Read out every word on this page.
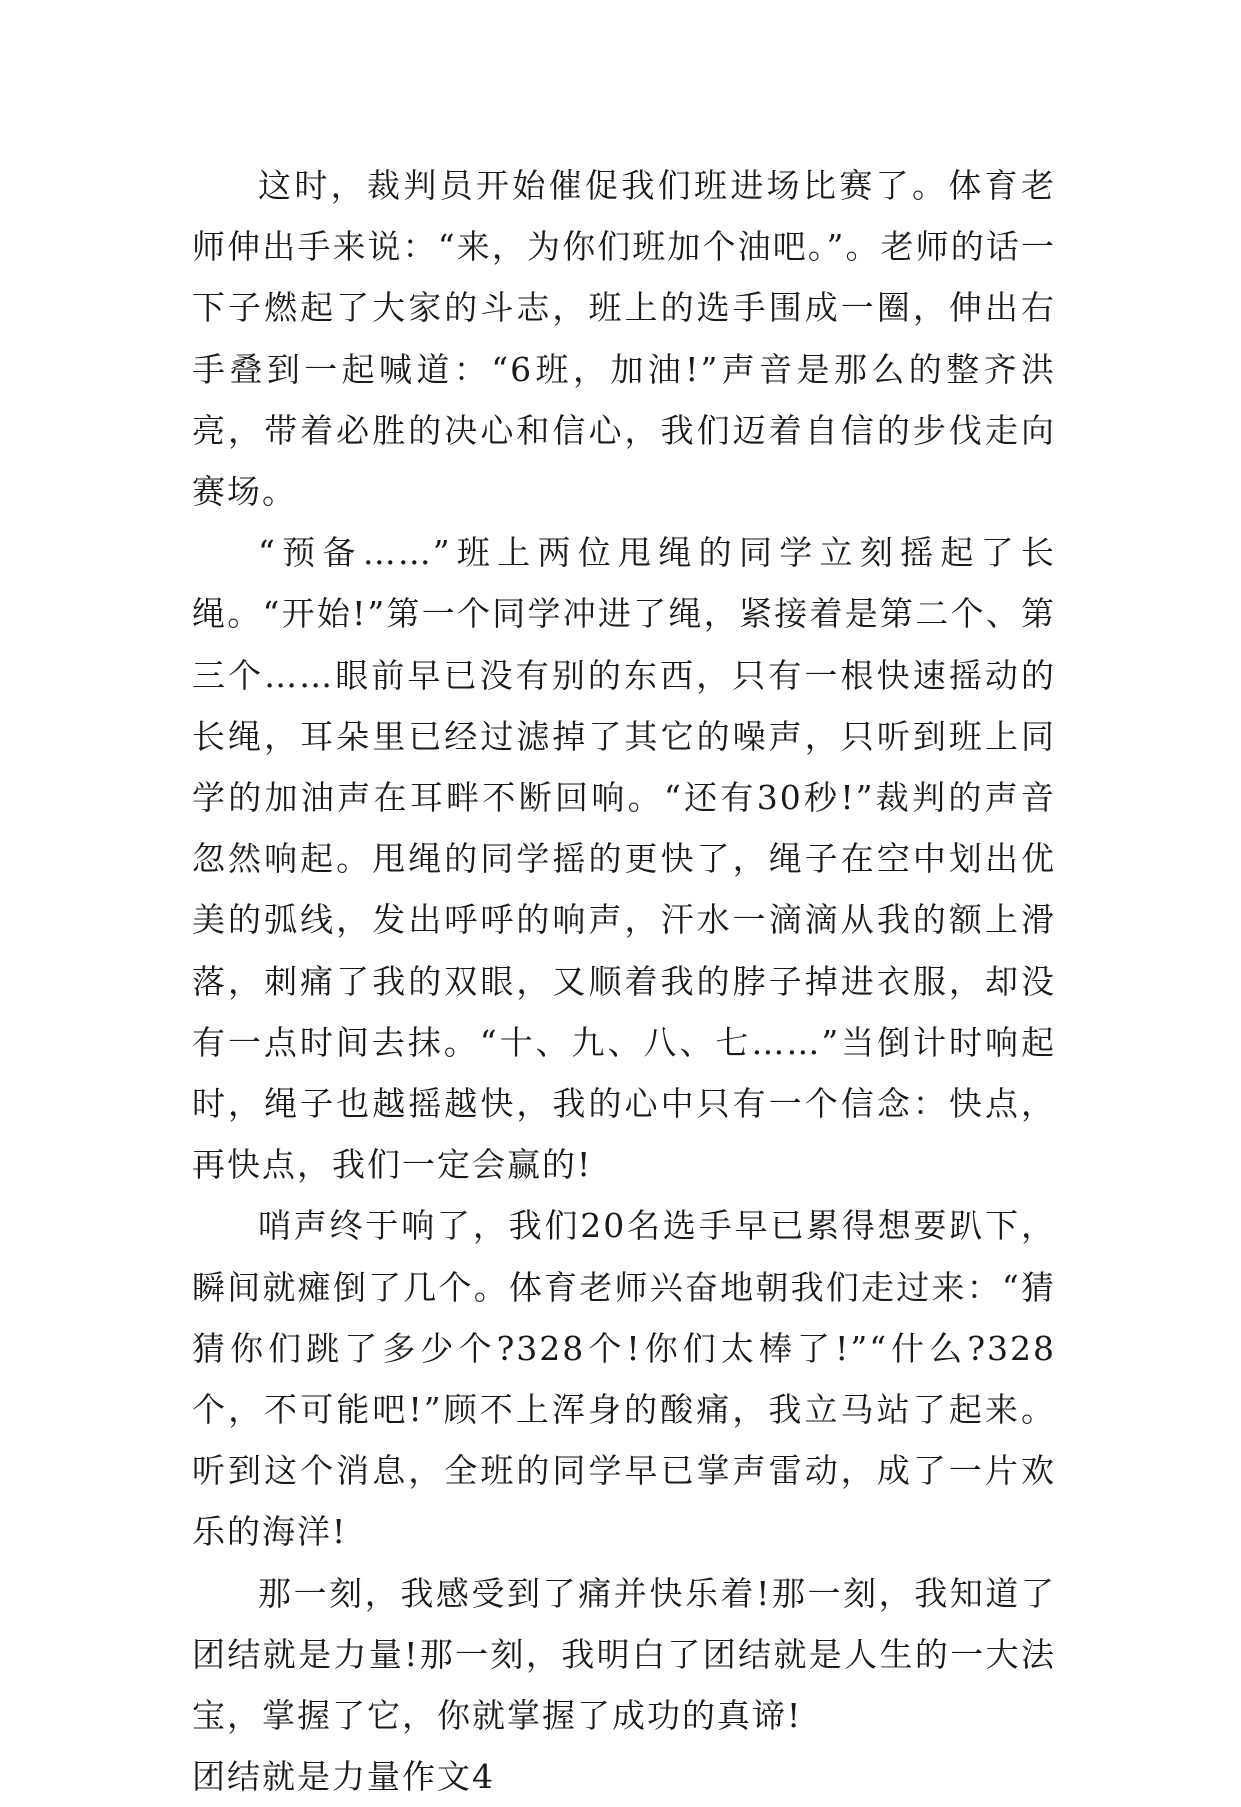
这时，裁判员开始催促我们班进场比赛了。体育老师伸出手来说：“来，为你们班加个油吧。”。老师的话一下子燃起了大家的斗志，班上的选手围成一圈，伸出右手叠到一起喊道：“6班，加油!”声音是那么的整齐洪亮，带着必胜的决心和信心，我们迈着自信的步伐走向赛场。

“预备……”班上两位甩绳的同学立刻摇起了长绳。“开始!”第一个同学冲进了绳，紧接着是第二个、第三个……眼前早已没有别的东西，只有一根快速摇动的长绳，耳朵里已经过滤掉了其它的噪声，只听到班上同学的加油声在耳畔不断回响。“还有30秒!”裁判的声音忽然响起。甩绳的同学摇的更快了，绳子在空中划出优美的弧线，发出呼呼的响声，汗水一滴滴从我的额上滑落，刺痛了我的双眼，又顺着我的脖子掉进衣服，却没有一点时间去抹。“十、九、八、七……”当倒计时响起时，绳子也越摇越快，我的心中只有一个信念：快点，再快点，我们一定会赢的!

哨声终于响了，我们20名选手早已累得想要趴下，瞬间就瘫倒了几个。体育老师兴奋地朝我们走过来：“猜猜你们跳了多少个?328个!你们太棒了!”“什么?328个，不可能吧!”顾不上浑身的酸痛，我立马站了起来。听到这个消息，全班的同学早已掌声雷动，成了一片欢乐的海洋!

那一刻，我感受到了痛并快乐着!那一刻，我知道了团结就是力量!那一刻，我明白了团结就是人生的一大法宝，掌握了它，你就掌握了成功的真谛!

团结就是力量作文4
